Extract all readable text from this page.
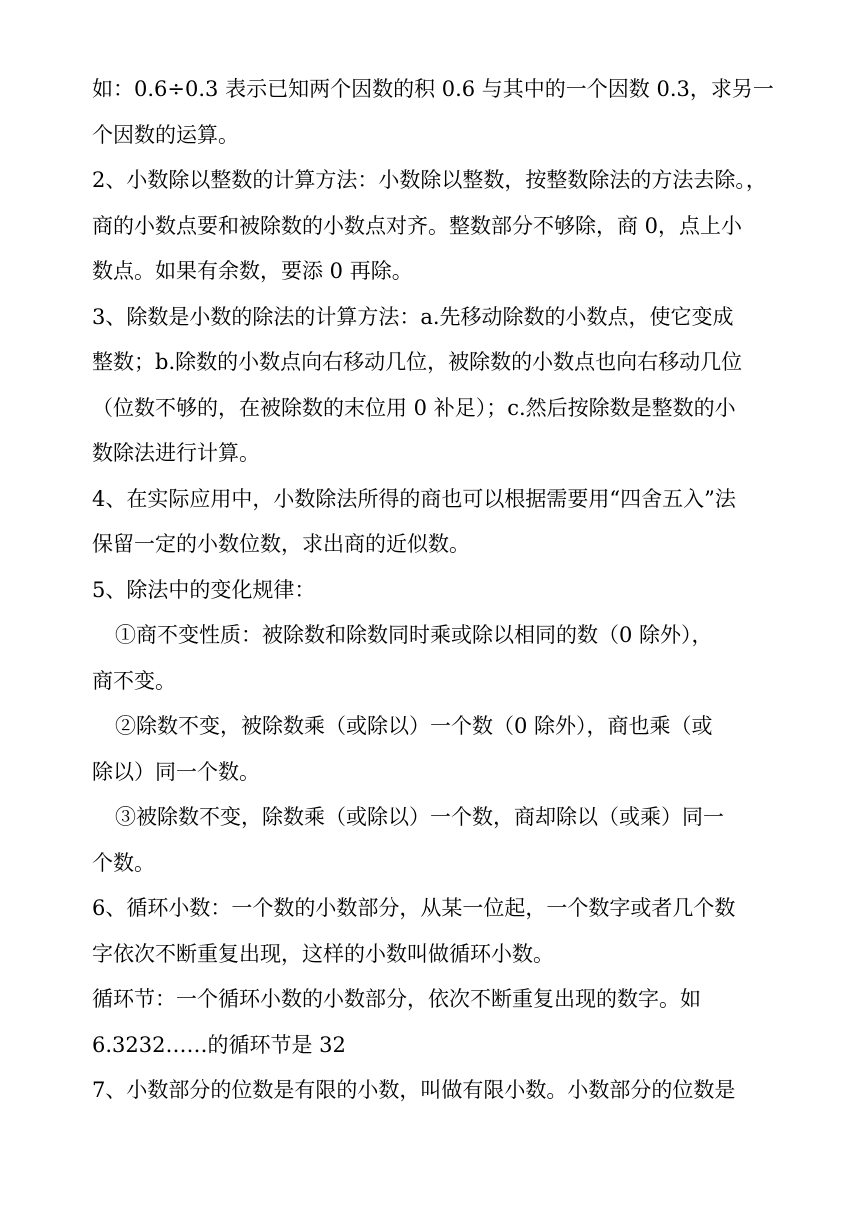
如：0.6÷0.3 表示已知两个因数的积 0.6 与其中的一个因数 0.3，求另一
个因数的运算。
2、小数除以整数的计算方法：小数除以整数，按整数除法的方法去除。，
商的小数点要和被除数的小数点对齐。整数部分不够除，商 0，点上小
数点。如果有余数，要添 0 再除。
3、除数是小数的除法的计算方法：a.先移动除数的小数点，使它变成
整数；b.除数的小数点向右移动几位，被除数的小数点也向右移动几位
（位数不够的，在被除数的末位用 0 补足）；c.然后按除数是整数的小
数除法进行计算。
4、在实际应用中，小数除法所得的商也可以根据需要用“四舍五入”法
保留一定的小数位数，求出商的近似数。
5、除法中的变化规律：
①商不变性质：被除数和除数同时乘或除以相同的数（0 除外），
商不变。
②除数不变，被除数乘（或除以）一个数（0 除外），商也乘（或
除以）同一个数。
③被除数不变，除数乘（或除以）一个数，商却除以（或乘）同一
个数。
6、循环小数：一个数的小数部分，从某一位起，一个数字或者几个数
字依次不断重复出现，这样的小数叫做循环小数。
循环节：一个循环小数的小数部分，依次不断重复出现的数字。如
6.3232……的循环节是 32
7、小数部分的位数是有限的小数，叫做有限小数。小数部分的位数是
